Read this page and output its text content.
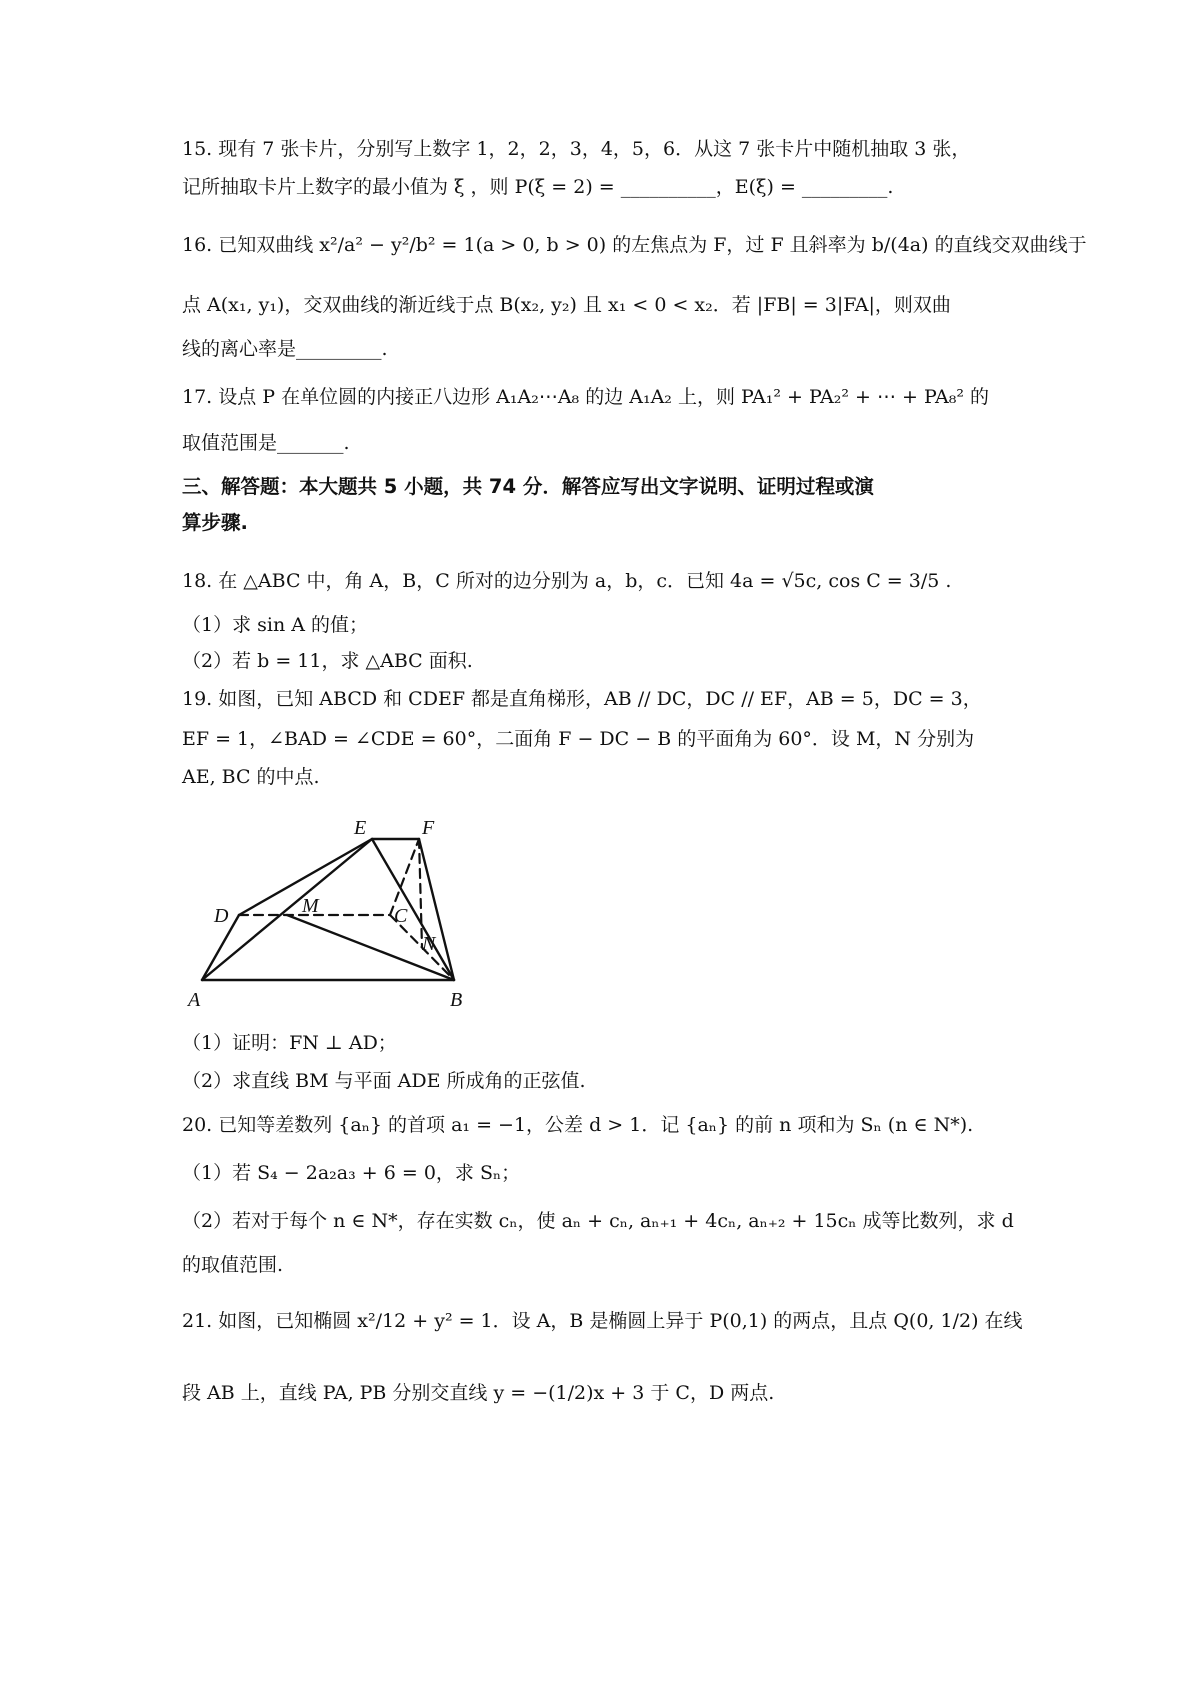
15. 现有 7 张卡片，分别写上数字 1，2，2，3，4，5，6．从这 7 张卡片中随机抽取 3 张，
记所抽取卡片上数字的最小值为 ξ ，则 P(ξ = 2) = __________，E(ξ) = _________.
16. 已知双曲线 x²/a² − y²/b² = 1(a > 0, b > 0) 的左焦点为 F，过 F 且斜率为 b/(4a) 的直线交双曲线于
点 A(x₁, y₁)，交双曲线的渐近线于点 B(x₂, y₂) 且 x₁ < 0 < x₂．若 |FB| = 3|FA|，则双曲
线的离心率是_________.
17. 设点 P 在单位圆的内接正八边形 A₁A₂⋯A₈ 的边 A₁A₂ 上，则 PA₁² + PA₂² + ⋯ + PA₈² 的
取值范围是_______.
三、解答题：本大题共 5 小题，共 74 分．解答应写出文字说明、证明过程或演
算步骤.
18. 在 △ABC 中，角 A，B，C 所对的边分别为 a，b，c．已知 4a = √5c, cos C = 3/5 .
（1）求 sin A 的值；
（2）若 b = 11，求 △ABC 面积.
19. 如图，已知 ABCD 和 CDEF 都是直角梯形，AB // DC，DC // EF，AB = 5，DC = 3，
EF = 1，∠BAD = ∠CDE = 60°，二面角 F − DC − B 的平面角为 60°．设 M，N 分别为
AE, BC 的中点.
E	F
D	M	C
N
A	B
（1）证明：FN ⊥ AD；
（2）求直线 BM 与平面 ADE 所成角的正弦值.
20. 已知等差数列 {aₙ} 的首项 a₁ = −1，公差 d > 1．记 {aₙ} 的前 n 项和为 Sₙ (n ∈ N*).
（1）若 S₄ − 2a₂a₃ + 6 = 0，求 Sₙ；
（2）若对于每个 n ∈ N*，存在实数 cₙ，使 aₙ + cₙ, aₙ₊₁ + 4cₙ, aₙ₊₂ + 15cₙ 成等比数列，求 d
的取值范围.
21. 如图，已知椭圆 x²/12 + y² = 1．设 A，B 是椭圆上异于 P(0,1) 的两点，且点 Q(0, 1/2) 在线
段 AB 上，直线 PA, PB 分别交直线 y = −(1/2)x + 3 于 C，D 两点.
